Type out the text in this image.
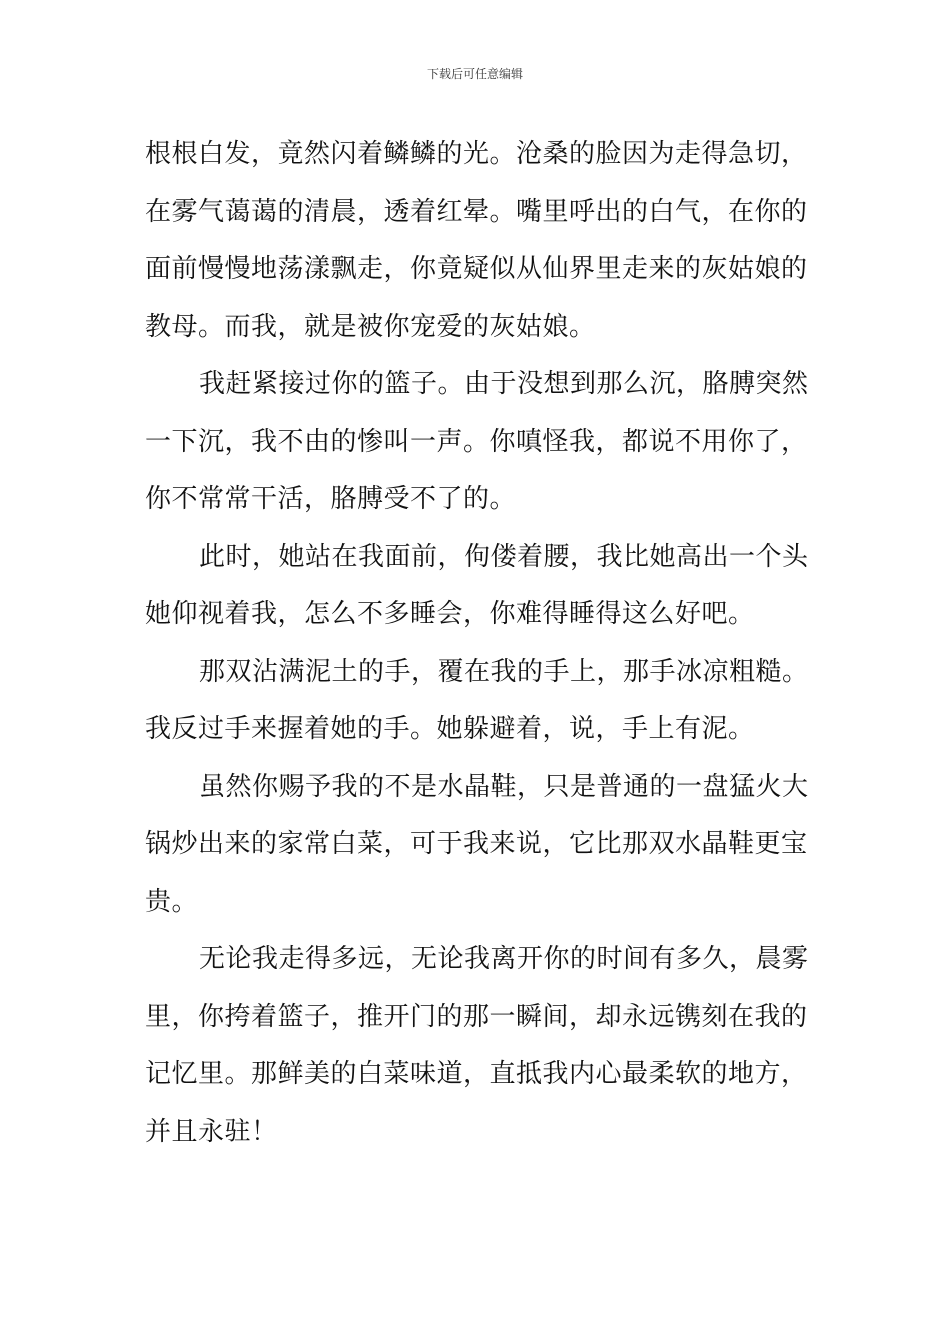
下载后可任意编辑
根根白发，竟然闪着鳞鳞的光。沧桑的脸因为走得急切，
在雾气蔼蔼的清晨，透着红晕。嘴里呼出的白气，在你的
面前慢慢地荡漾飘走，你竟疑似从仙界里走来的灰姑娘的
教母。而我，就是被你宠爱的灰姑娘。
我赶紧接过你的篮子。由于没想到那么沉，胳膊突然
一下沉，我不由的惨叫一声。你嗔怪我，都说不用你了，
你不常常干活，胳膊受不了的。
此时，她站在我面前，佝偻着腰，我比她高出一个头
她仰视着我，怎么不多睡会，你难得睡得这么好吧。
那双沾满泥土的手，覆在我的手上，那手冰凉粗糙。
我反过手来握着她的手。她躲避着，说，手上有泥。
虽然你赐予我的不是水晶鞋，只是普通的一盘猛火大
锅炒出来的家常白菜，可于我来说，它比那双水晶鞋更宝
贵。
无论我走得多远，无论我离开你的时间有多久，晨雾
里，你挎着篮子，推开门的那一瞬间，却永远镌刻在我的
记忆里。那鲜美的白菜味道，直抵我内心最柔软的地方，
并且永驻！
